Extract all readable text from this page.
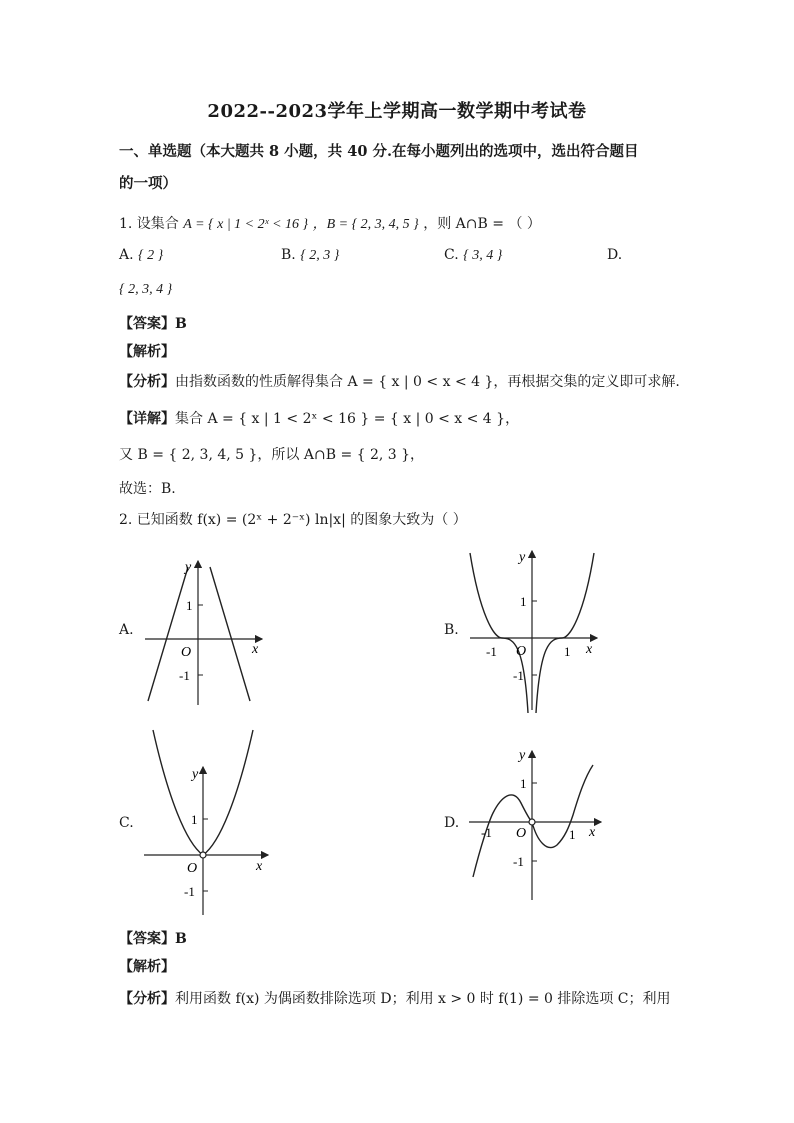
2022--2023学年上学期高一数学期中考试卷
一、单选题（本大题共 8 小题，共 40 分.在每小题列出的选项中，选出符合题目
的一项）
1. 设集合 A = { x | 1 < 2ˣ < 16 } ，B = { 2, 3, 4, 5 } ，则 A∩B = （ ）
A. { 2 }	B. { 2, 3 }	C. { 3, 4 }	D.
{ 2, 3, 4 }
【答案】B
【解析】
【分析】由指数函数的性质解得集合 A = { x | 0 < x < 4 }，再根据交集的定义即可求解.
【详解】集合 A = { x | 1 < 2ˣ < 16 } = { x | 0 < x < 4 }，
又 B = { 2, 3, 4, 5 }，所以 A∩B = { 2, 3 }，
故选：B.
2. 已知函数 f(x) = (2ˣ + 2⁻ˣ) ln|x| 的图象大致为（ ）
A.
y
x
O
1
-1
B.
y
x
O
1
-1
1
-1
C.
y
x
O
1
-1
D.
y
x
O
1
-1
1
-1
【答案】B
【解析】
【分析】利用函数 f(x) 为偶函数排除选项 D；利用 x > 0 时 f(1) = 0 排除选项 C；利用
